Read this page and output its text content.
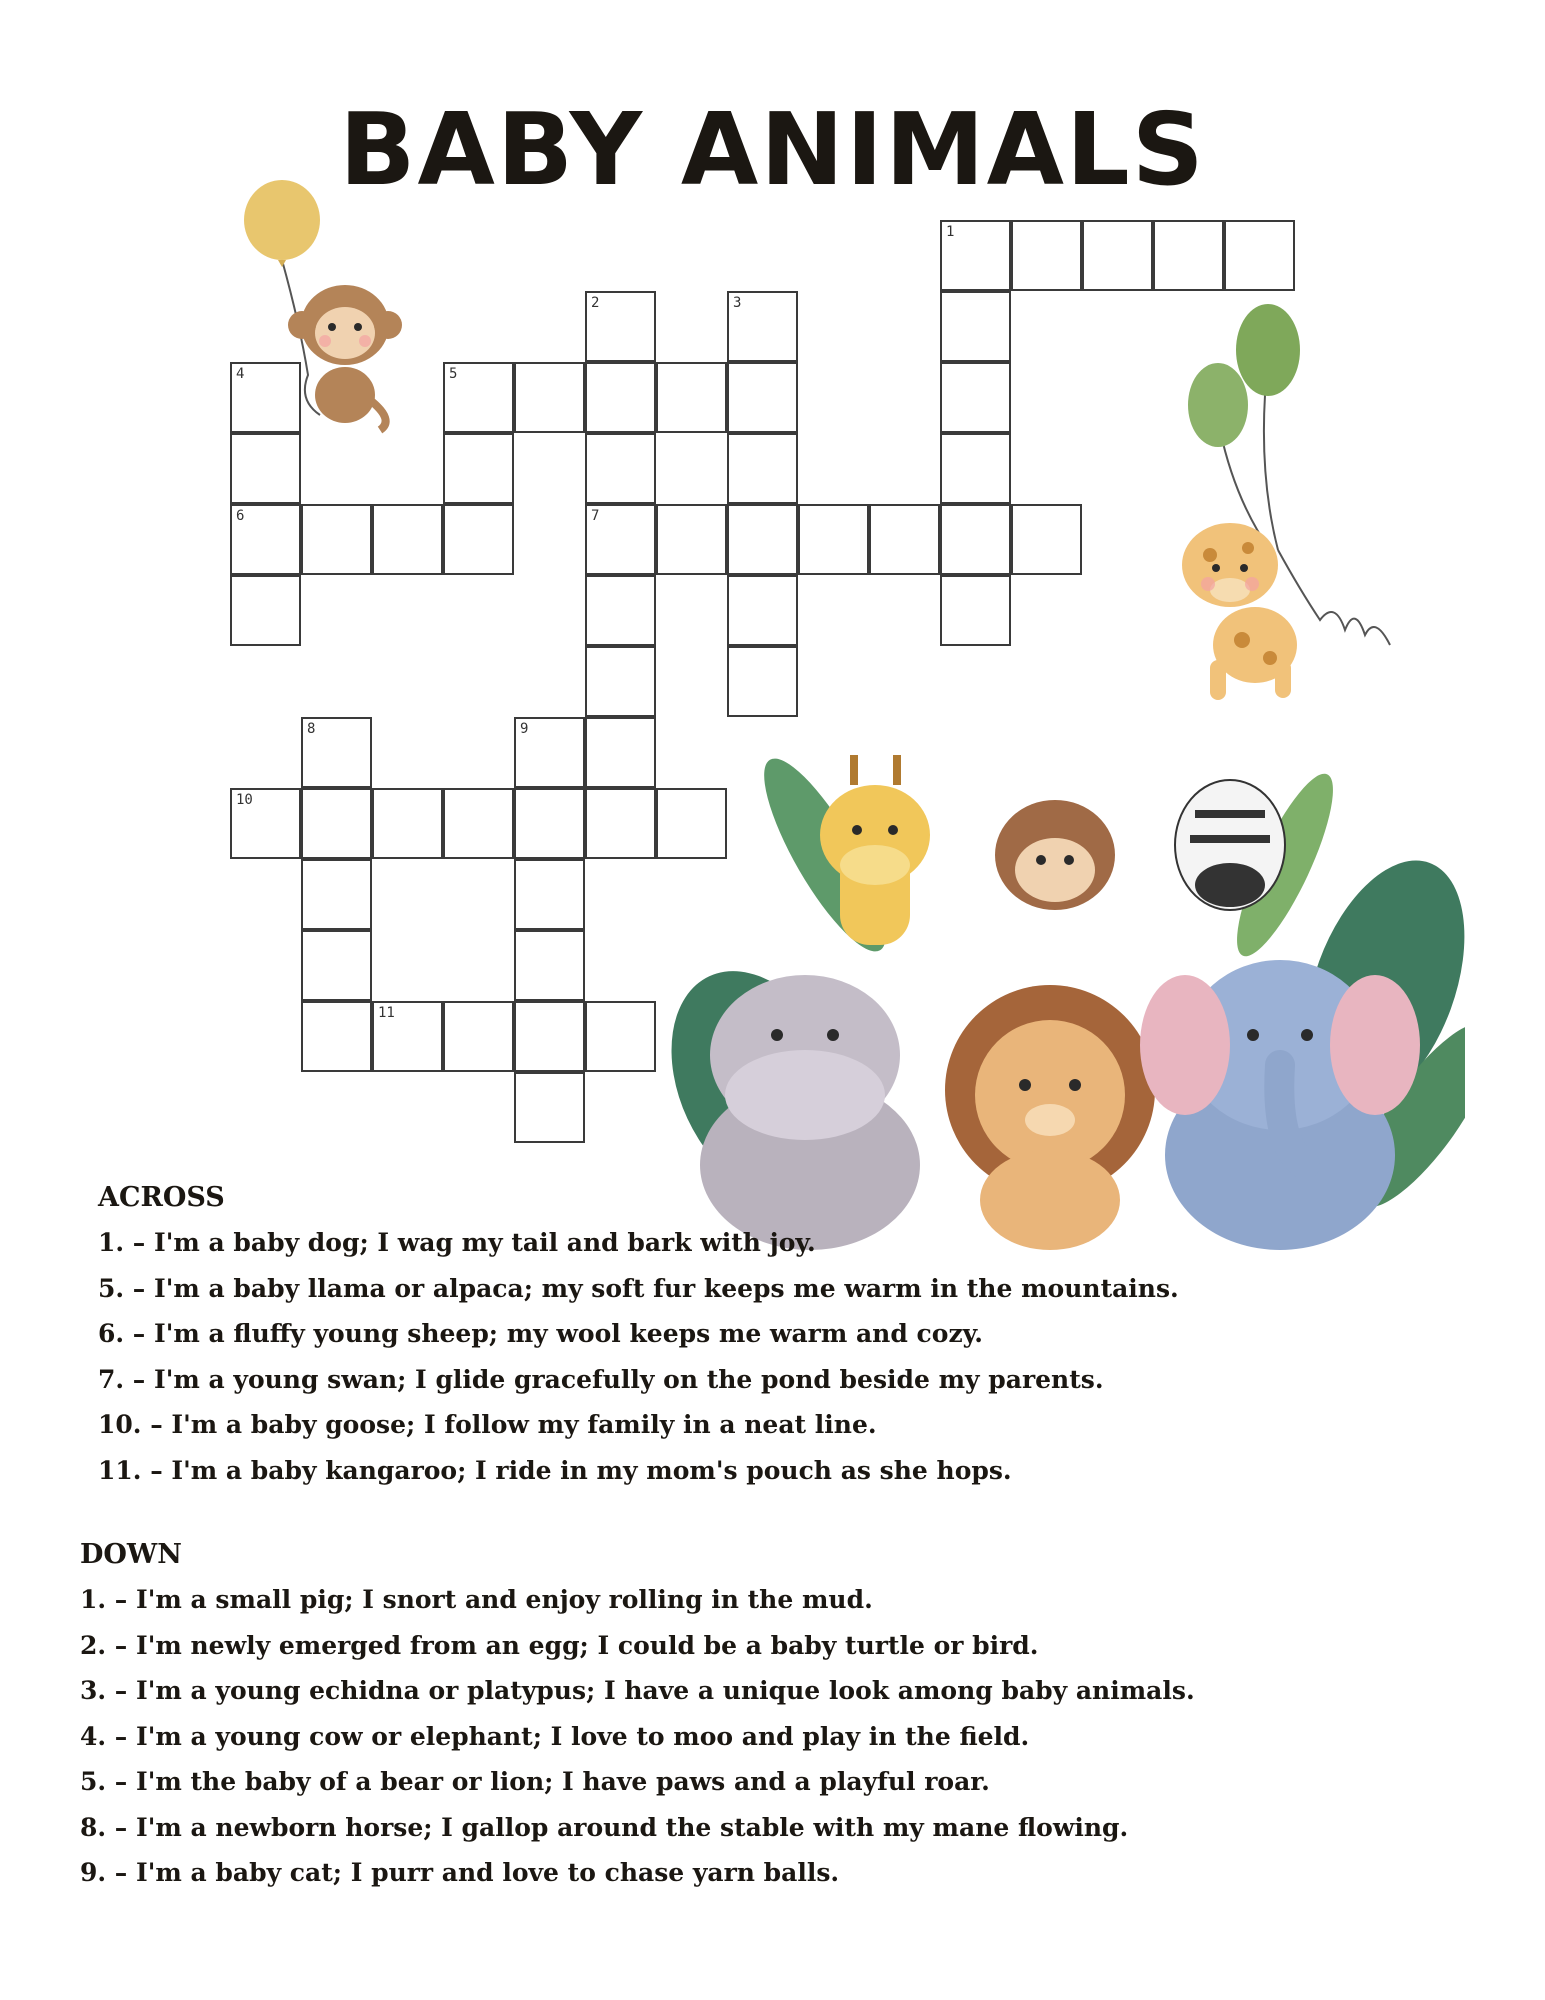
BABY ANIMALS
1
5
6	7
10
11
2	3
4
8	9

ACROSS

1. – I'm a baby dog; I wag my tail and bark with joy.

5. – I'm a baby llama or alpaca; my soft fur keeps me warm in the mountains.

6. – I'm a fluffy young sheep; my wool keeps me warm and cozy.

7. – I'm a young swan; I glide gracefully on the pond beside my parents.

10. – I'm a baby goose; I follow my family in a neat line.

11. – I'm a baby kangaroo; I ride in my mom's pouch as she hops.

DOWN

1. – I'm a small pig; I snort and enjoy rolling in the mud.

2. – I'm newly emerged from an egg; I could be a baby turtle or bird.

3. – I'm a young echidna or platypus; I have a unique look among baby animals.

4. – I'm a young cow or elephant; I love to moo and play in the field.

5. – I'm the baby of a bear or lion; I have paws and a playful roar.

8. – I'm a newborn horse; I gallop around the stable with my mane flowing.

9. – I'm a baby cat; I purr and love to chase yarn balls.
